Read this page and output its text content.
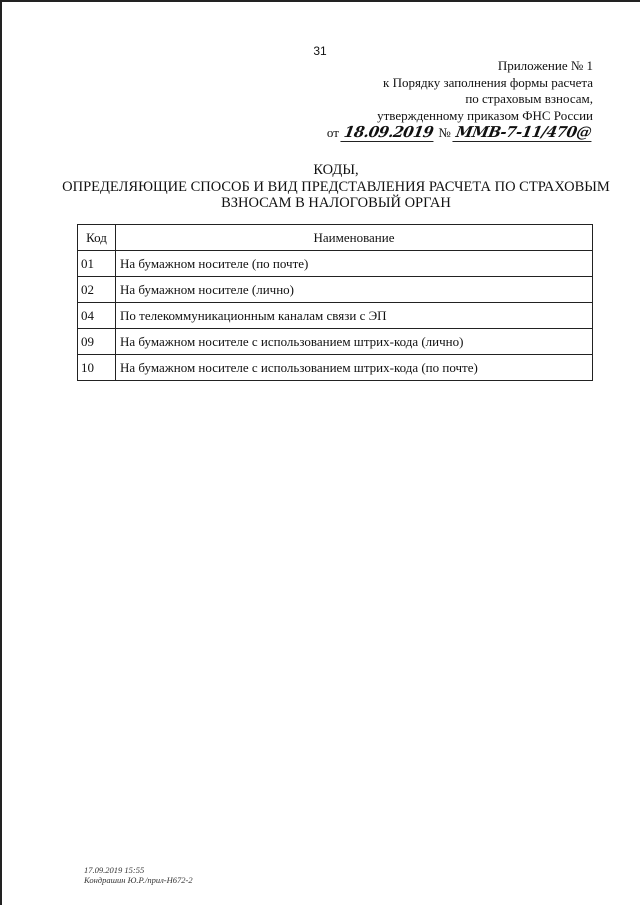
31
Приложение № 1
к Порядку заполнения формы расчета
по страховым взносам,
утвержденному приказом ФНС России
от 18.09.2019 № ММВ-7-11/470@
КОДЫ,
ОПРЕДЕЛЯЮЩИЕ СПОСОБ И ВИД ПРЕДСТАВЛЕНИЯ РАСЧЕТА ПО СТРАХОВЫМ
ВЗНОСАМ В НАЛОГОВЫЙ ОРГАН
Код	Наименование
01	На бумажном носителе (по почте)
02	На бумажном носителе (лично)
04	По телекоммуникационным каналам связи с ЭП
09	На бумажном носителе с использованием штрих-кода (лично)
10	На бумажном носителе с использованием штрих-кода (по почте)
17.09.2019 15:55
Кондрашин Ю.Р./прил-Н672-2
